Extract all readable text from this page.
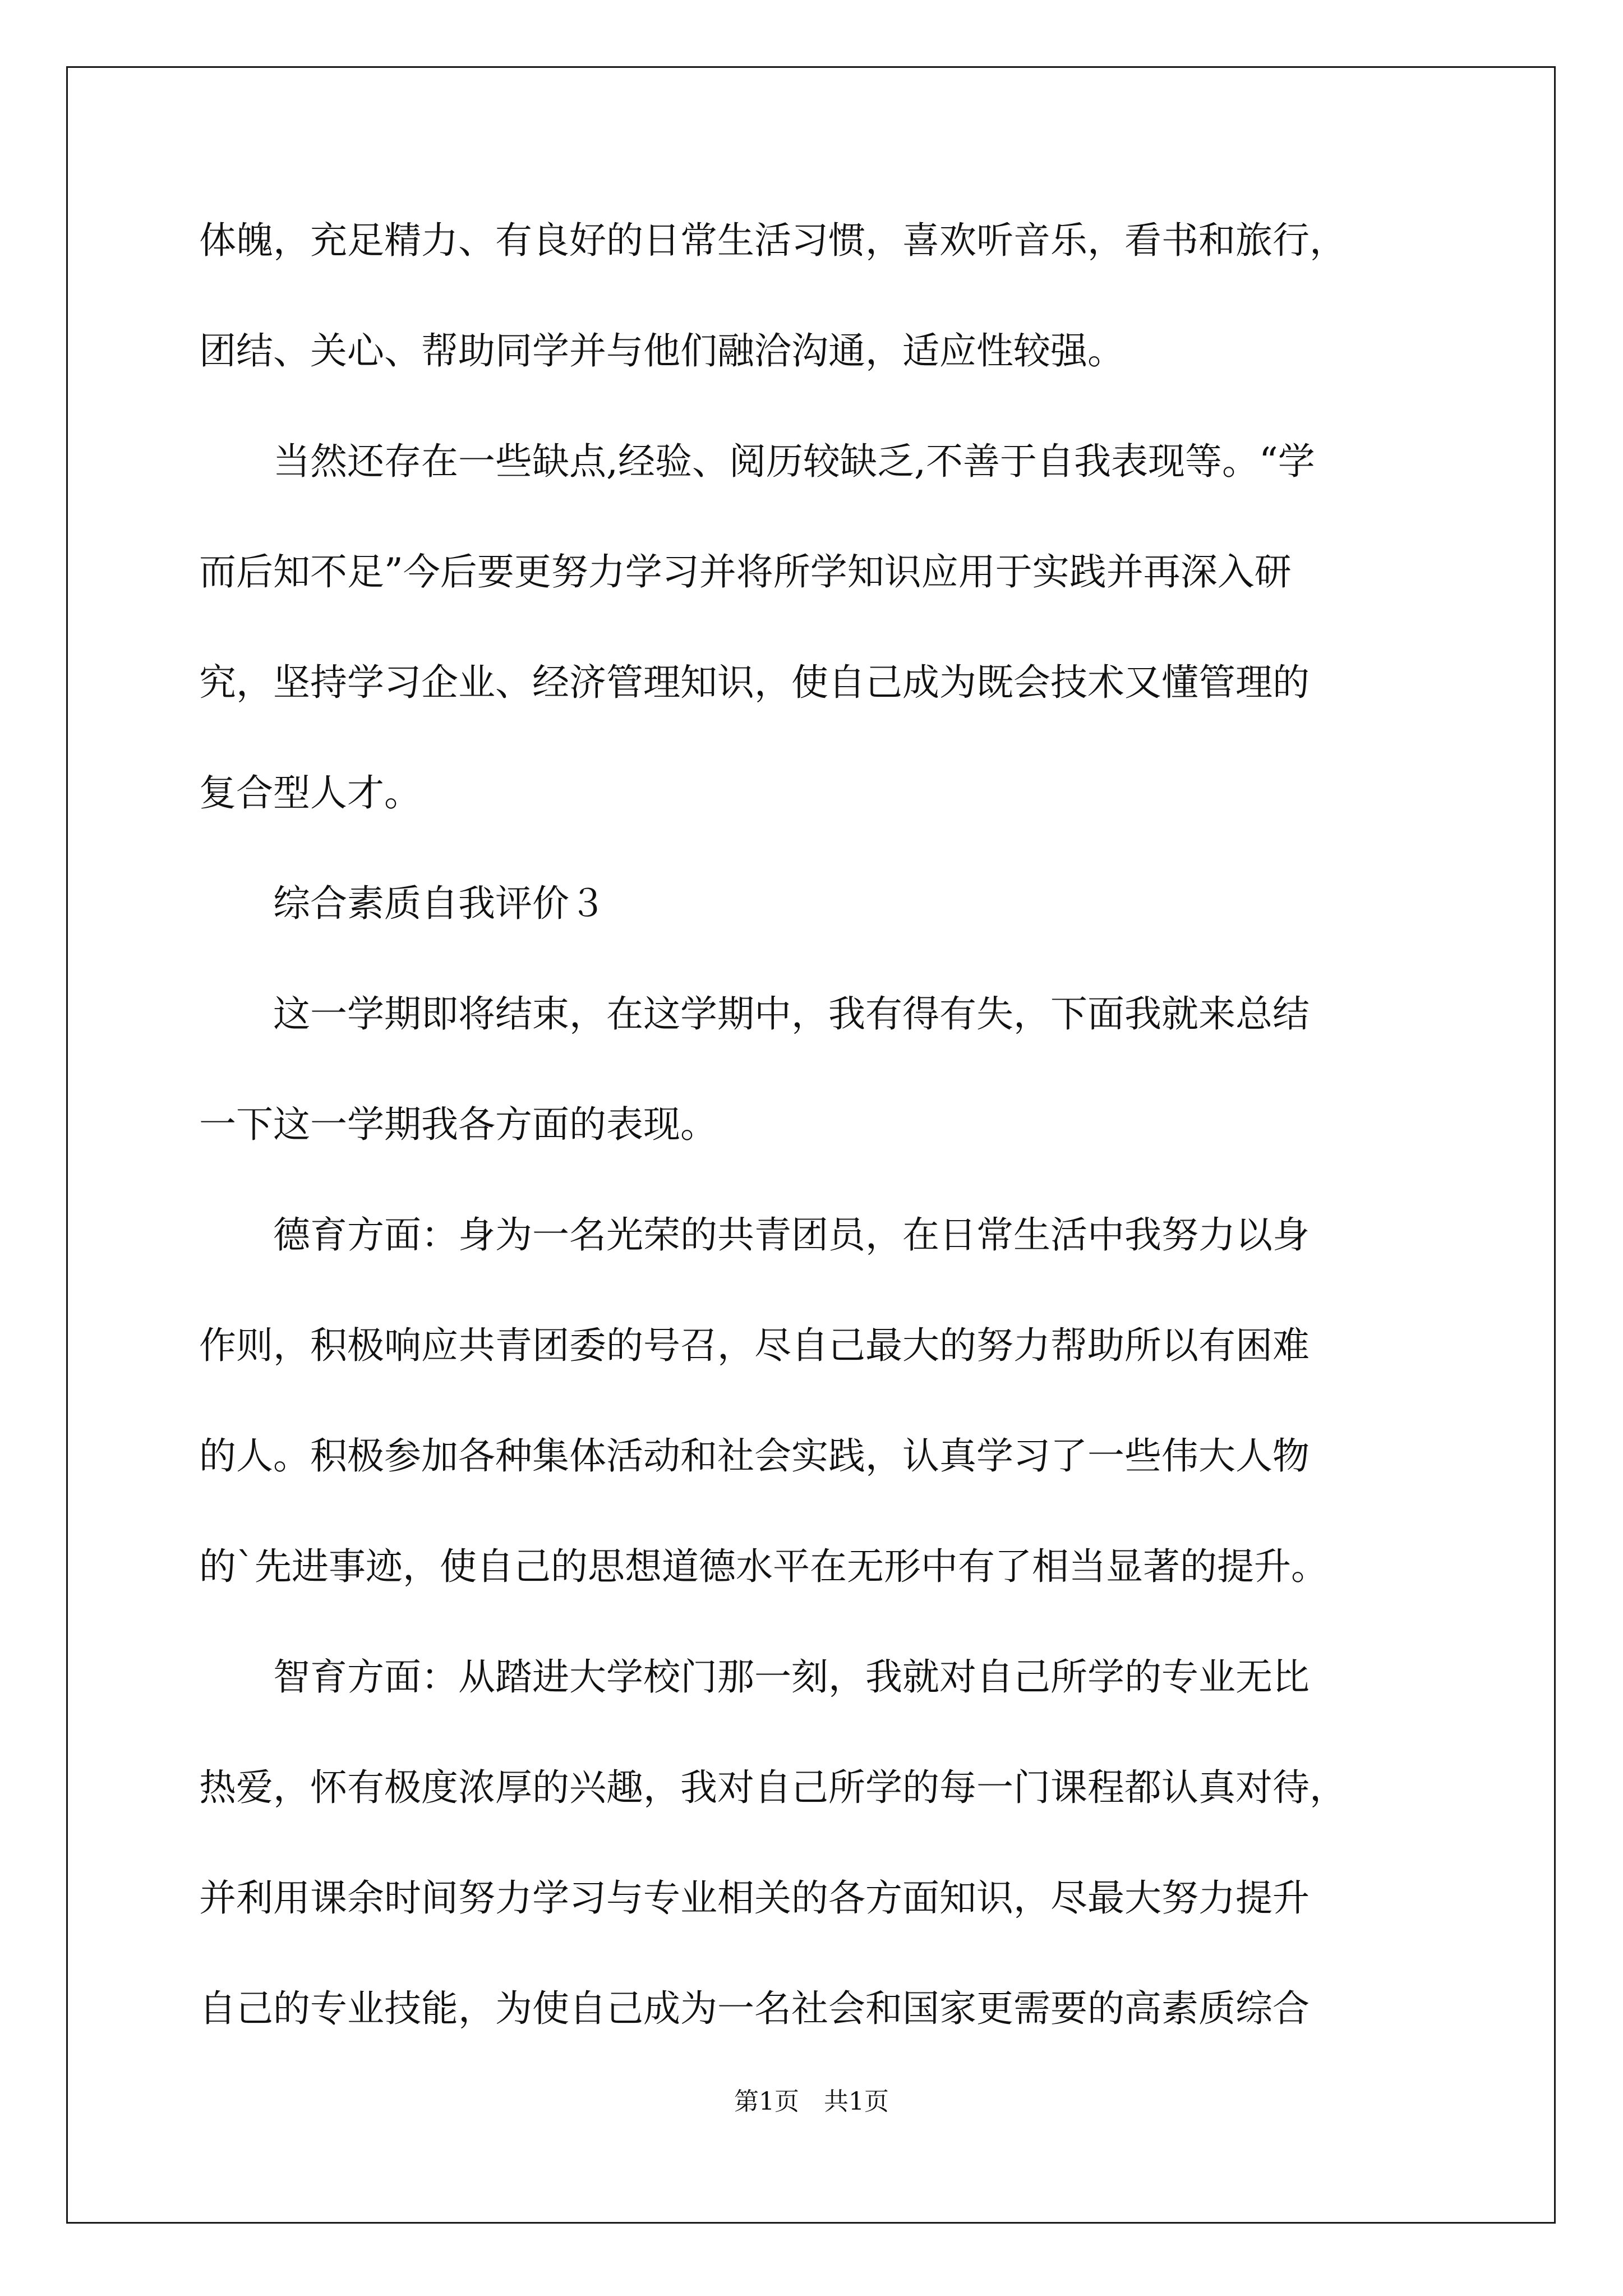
体魄，充足精力、有良好的日常生活习惯，喜欢听音乐，看书和旅行，
团结、关心、帮助同学并与他们融洽沟通，适应性较强。
　　当然还存在一些缺点,经验、阅历较缺乏,不善于自我表现等。“学
而后知不足”今后要更努力学习并将所学知识应用于实践并再深入研
究，坚持学习企业、经济管理知识，使自己成为既会技术又懂管理的
复合型人才。
　　综合素质自我评价３
　　这一学期即将结束，在这学期中，我有得有失，下面我就来总结
一下这一学期我各方面的表现。
　　德育方面：身为一名光荣的共青团员，在日常生活中我努力以身
作则，积极响应共青团委的号召，尽自己最大的努力帮助所以有困难
的人。积极参加各种集体活动和社会实践，认真学习了一些伟大人物
的`先进事迹，使自己的思想道德水平在无形中有了相当显著的提升。
　　智育方面：从踏进大学校门那一刻，我就对自己所学的专业无比
热爱，怀有极度浓厚的兴趣，我对自己所学的每一门课程都认真对待，
并利用课余时间努力学习与专业相关的各方面知识，尽最大努力提升
自己的专业技能，为使自己成为一名社会和国家更需要的高素质综合
第1页　共1页
